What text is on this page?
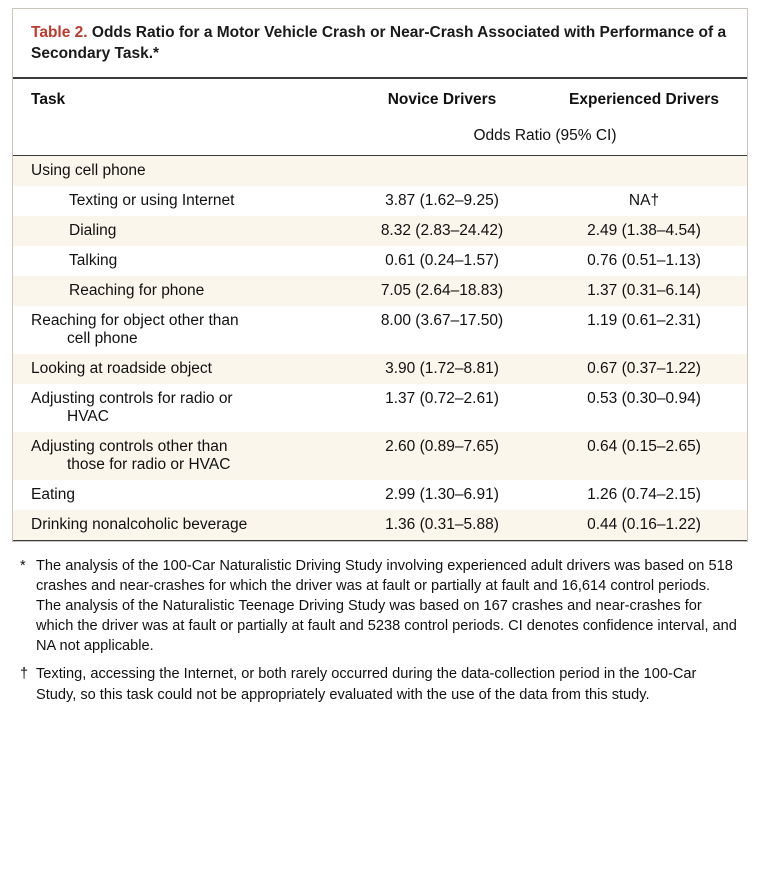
Table 2. Odds Ratio for a Motor Vehicle Crash or Near-Crash Associated with Performance of a Secondary Task.*
Task	Novice Drivers	Experienced Drivers
	Odds Ratio (95% CI)	
Using cell phone		
Texting or using Internet	3.87 (1.62–9.25)	NA†
Dialing	8.32 (2.83–24.42)	2.49 (1.38–4.54)
Talking	0.61 (0.24–1.57)	0.76 (0.51–1.13)
Reaching for phone	7.05 (2.64–18.83)	1.37 (0.31–6.14)
Reaching for object other than
cell phone	8.00 (3.67–17.50)	1.19 (0.61–2.31)
Looking at roadside object	3.90 (1.72–8.81)	0.67 (0.37–1.22)
Adjusting controls for radio or
HVAC	1.37 (0.72–2.61)	0.53 (0.30–0.94)
Adjusting controls other than
those for radio or HVAC	2.60 (0.89–7.65)	0.64 (0.15–2.65)
Eating	2.99 (1.30–6.91)	1.26 (0.74–2.15)
Drinking nonalcoholic beverage	1.36 (0.31–5.88)	0.44 (0.16–1.22)
* The analysis of the 100-Car Naturalistic Driving Study involving experienced adult drivers was based on 518 crashes and near-crashes for which the driver was at fault or partially at fault and 16,614 control periods. The analysis of the Naturalistic Teenage Driving Study was based on 167 crashes and near-crashes for which the driver was at fault or partially at fault and 5238 control periods. CI denotes confidence interval, and NA not applicable.
† Texting, accessing the Internet, or both rarely occurred during the data-collection period in the 100-Car Study, so this task could not be appropriately evaluated with the use of the data from this study.
